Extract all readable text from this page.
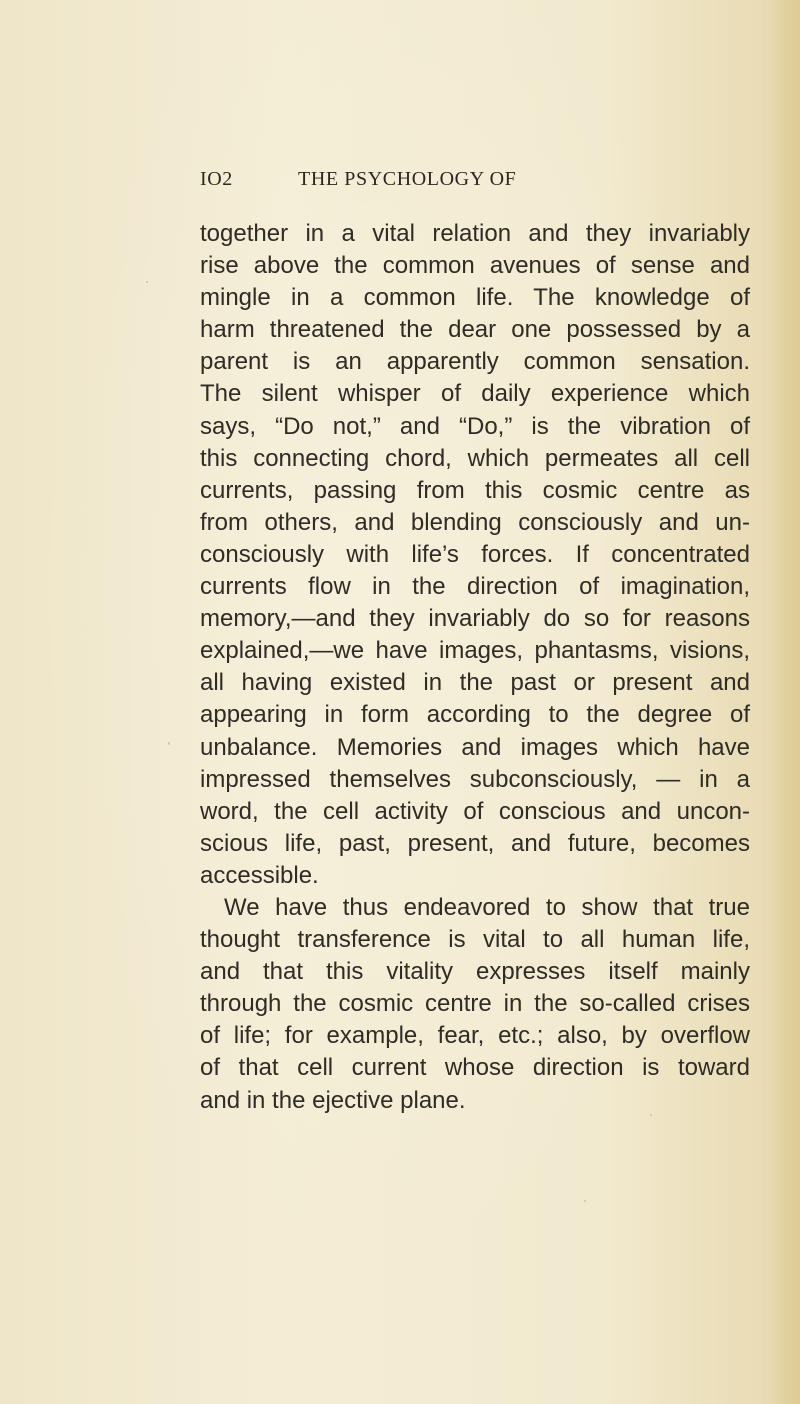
IO2	THE PSYCHOLOGY OF
together in a vital relation and they invariably
rise above the common avenues of sense and
mingle in a common life. The knowledge of
harm threatened the dear one possessed by a
parent is an apparently common sensation.
The silent whisper of daily experience which
says, “Do not,” and “Do,” is the vibration of
this connecting chord, which permeates all cell
currents, passing from this cosmic centre as
from others, and blending consciously and un-
consciously with life’s forces. If concentrated
currents flow in the direction of imagination,
memory,—and they invariably do so for reasons
explained,—we have images, phantasms, visions,
all having existed in the past or present and
appearing in form according to the degree of
unbalance. Memories and images which have
impressed themselves subconsciously, — in a
word, the cell activity of conscious and uncon-
scious life, past, present, and future, becomes
accessible.
We have thus endeavored to show that true
thought transference is vital to all human life,
and that this vitality expresses itself mainly
through the cosmic centre in the so-called crises
of life; for example, fear, etc.; also, by overflow
of that cell current whose direction is toward
and in the ejective plane.
